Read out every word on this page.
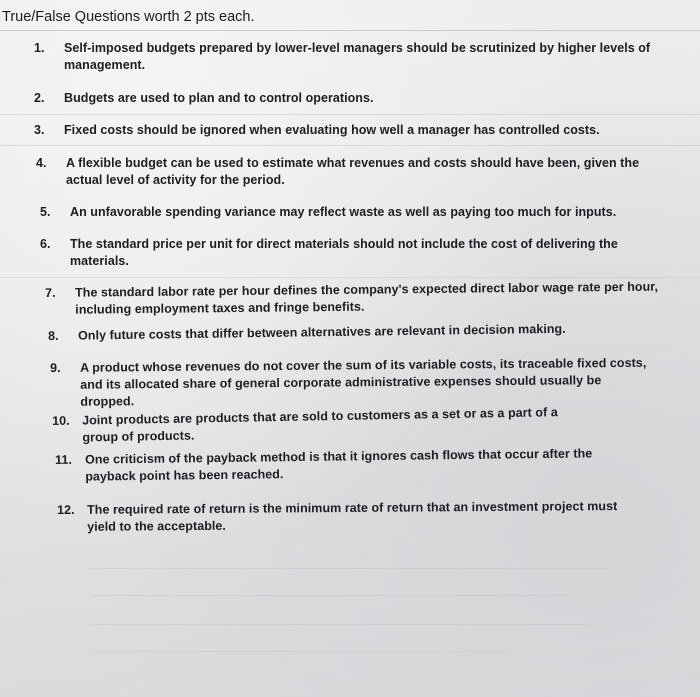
True/False Questions worth 2 pts each.
1. Self-imposed budgets prepared by lower-level managers should be scrutinized by higher levels of management.
2. Budgets are used to plan and to control operations.
3. Fixed costs should be ignored when evaluating how well a manager has controlled costs.
4. A flexible budget can be used to estimate what revenues and costs should have been, given the actual level of activity for the period.
5. An unfavorable spending variance may reflect waste as well as paying too much for inputs.
6. The standard price per unit for direct materials should not include the cost of delivering the materials.
7. The standard labor rate per hour defines the company's expected direct labor wage rate per hour, including employment taxes and fringe benefits.
8. Only future costs that differ between alternatives are relevant in decision making.
9. A product whose revenues do not cover the sum of its variable costs, its traceable fixed costs, and its allocated share of general corporate administrative expenses should usually be dropped.
10. Joint products are products that are sold to customers as a set or as a part of a group of products.
11. One criticism of the payback method is that it ignores cash flows that occur after the payback point has been reached.
12. The required rate of return is the minimum rate of return that an investment project must yield to the acceptable.
